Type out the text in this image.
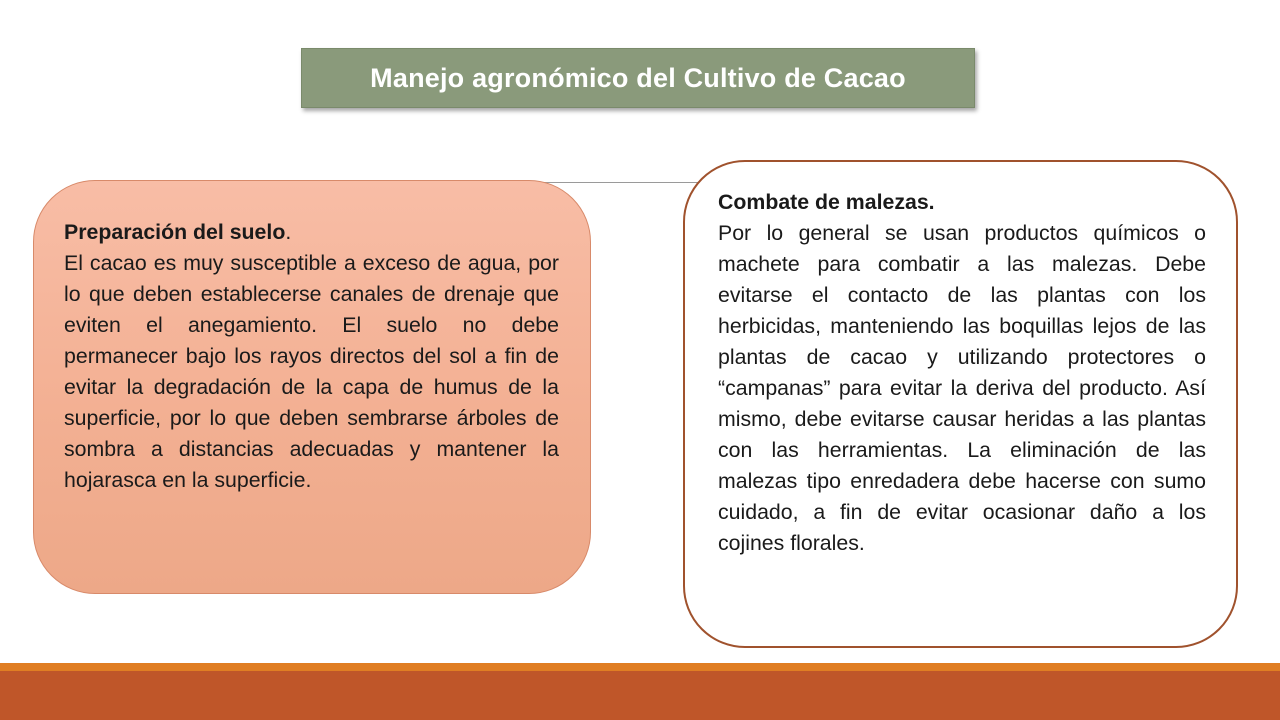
Manejo agronómico del Cultivo de Cacao
Preparación del suelo.
El cacao es muy susceptible a exceso de agua, por lo que deben establecerse canales de drenaje que eviten el anegamiento. El suelo no debe permanecer bajo los rayos directos del sol a fin de evitar la degradación de la capa de humus de la superficie, por lo que deben sembrarse árboles de sombra a distancias adecuadas y mantener la hojarasca en la superficie.
Combate de malezas.
Por lo general se usan productos químicos o machete para combatir a las malezas. Debe evitarse el contacto de las plantas con los herbicidas, manteniendo las boquillas lejos de las plantas de cacao y utilizando protectores o “campanas” para evitar la deriva del producto. Así mismo, debe evitarse causar heridas a las plantas con las herramientas. La eliminación de las malezas tipo enredadera debe hacerse con sumo cuidado, a fin de evitar ocasionar daño a los cojines florales.
